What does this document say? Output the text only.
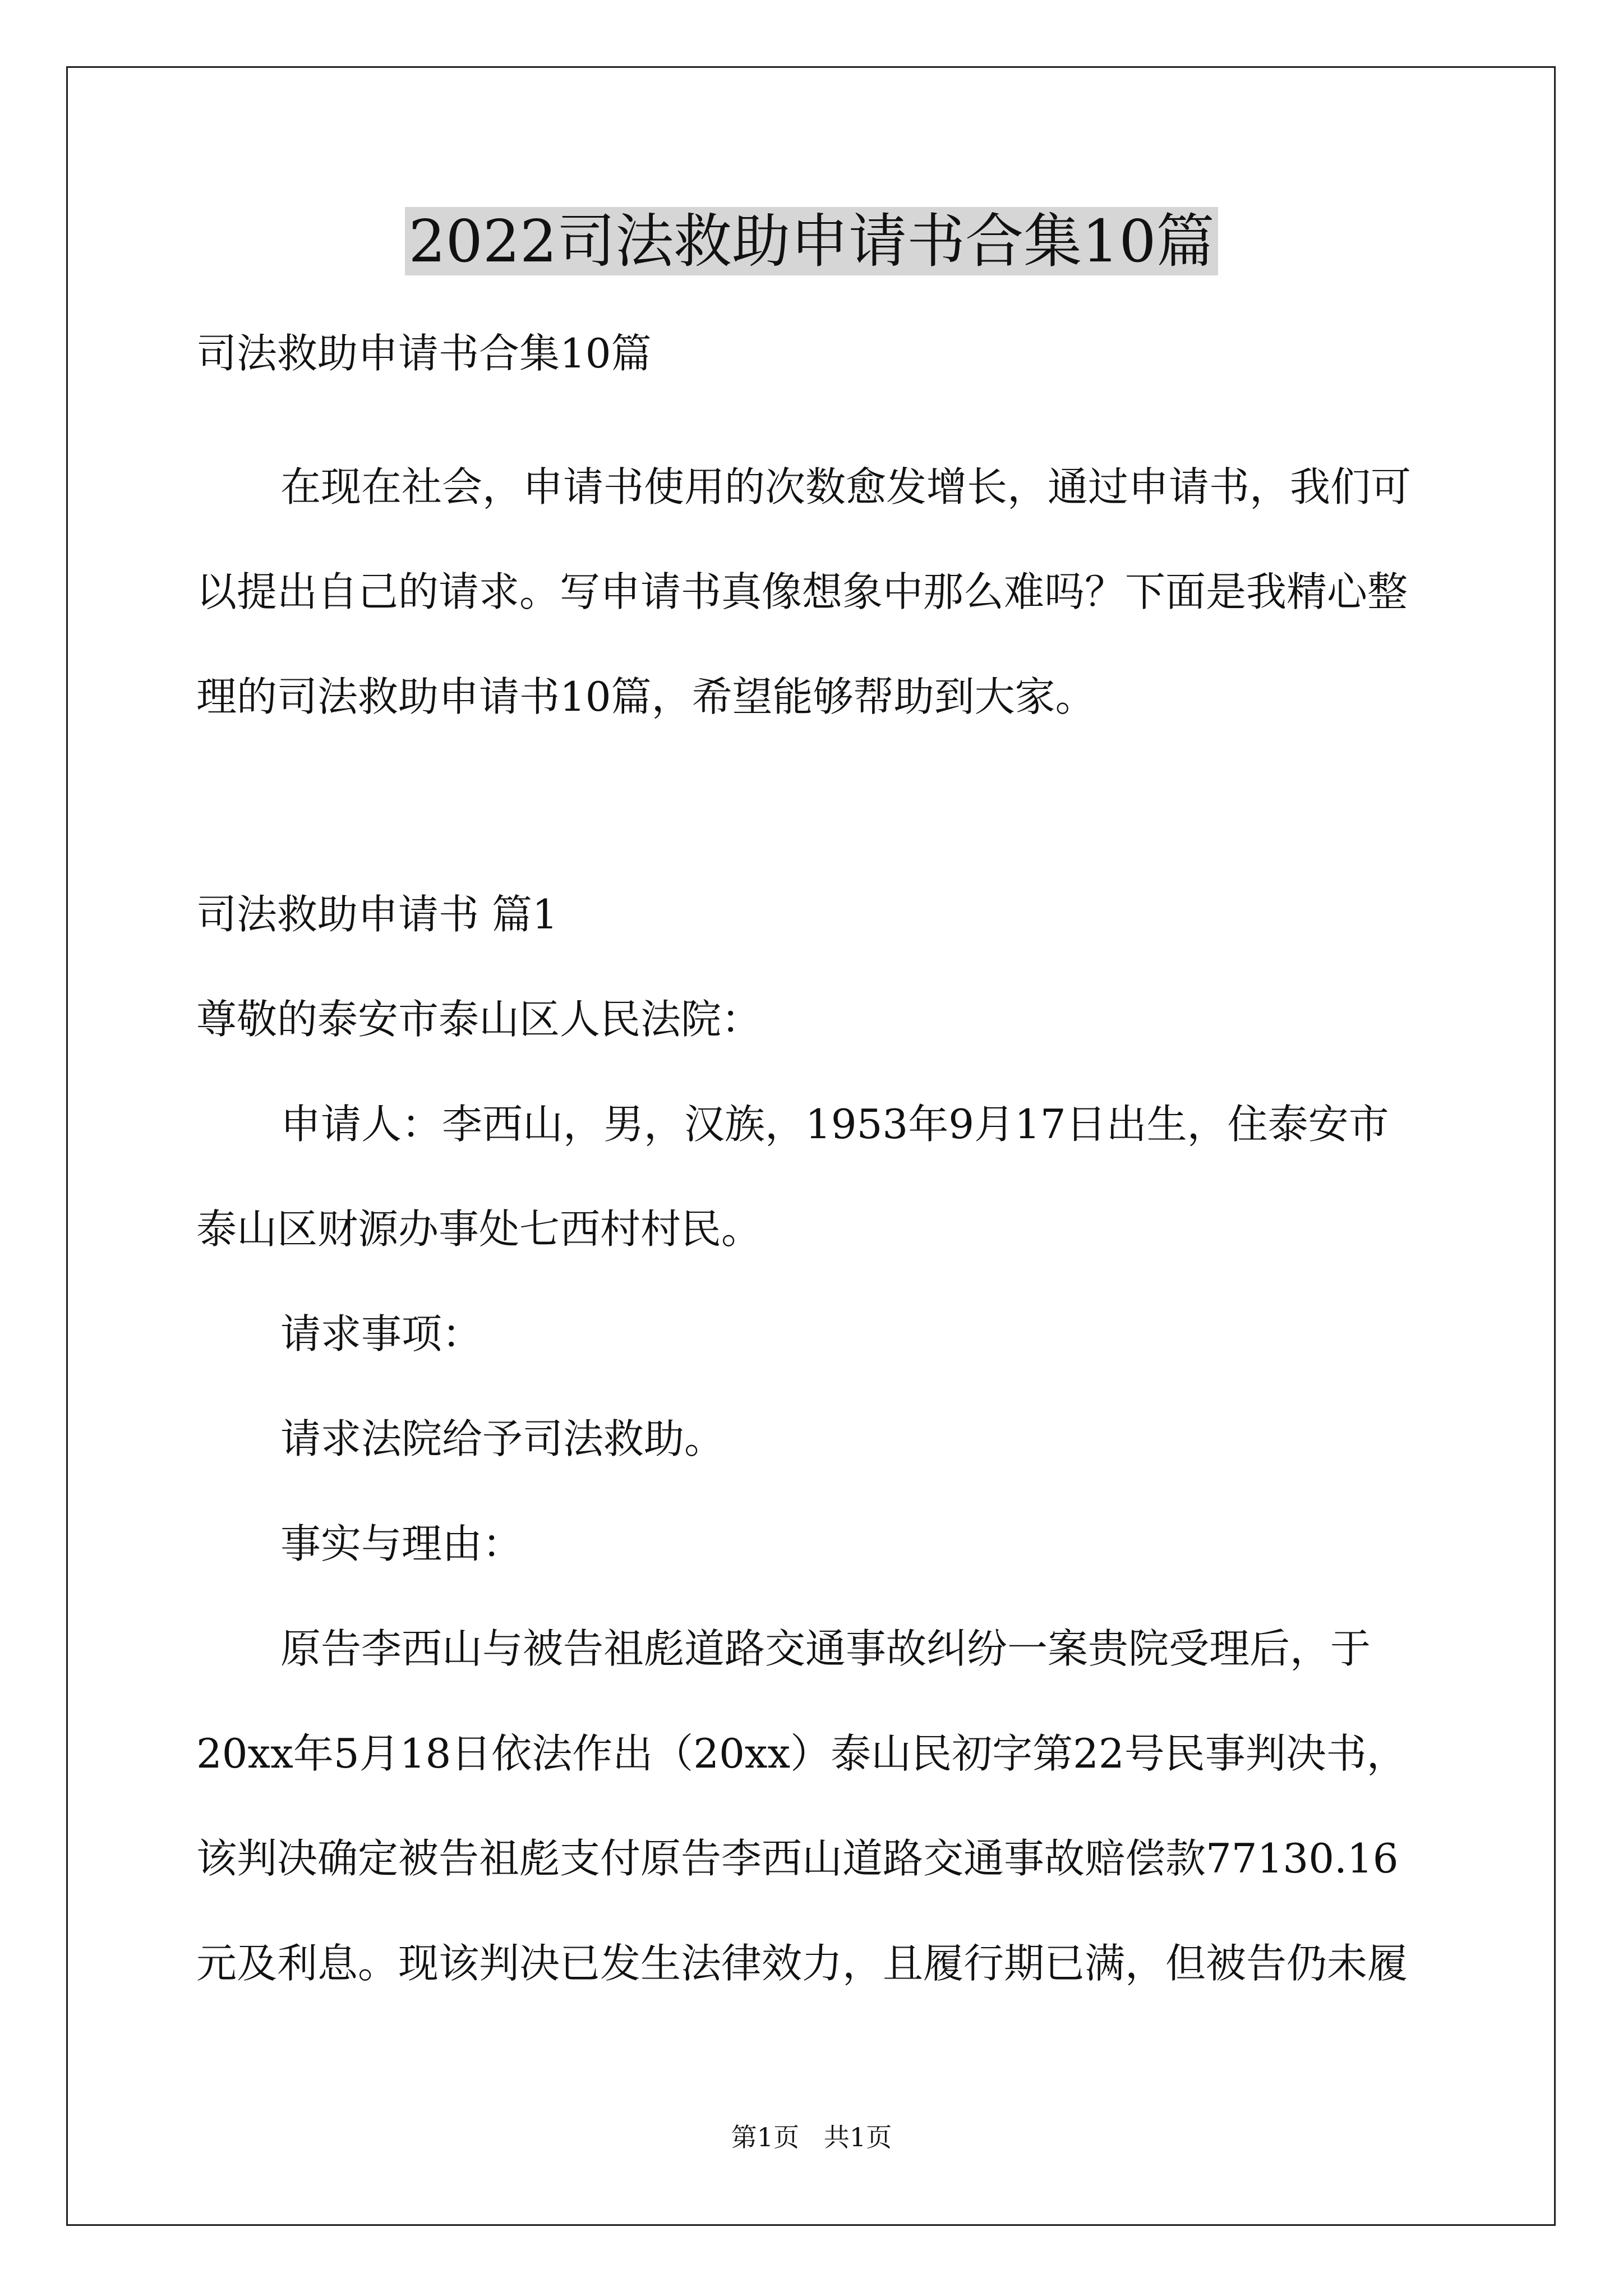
2022司法救助申请书合集10篇

司法救助申请书合集10篇

在现在社会，申请书使用的次数愈发增长，通过申请书，我们可

以提出自己的请求。写申请书真像想象中那么难吗？下面是我精心整

理的司法救助申请书10篇，希望能够帮助到大家。

司法救助申请书 篇1

尊敬的泰安市泰山区人民法院：

申请人：李西山，男，汉族，1953年9月17日出生，住泰安市

泰山区财源办事处七西村村民。

请求事项：

请求法院给予司法救助。

事实与理由：

原告李西山与被告祖彪道路交通事故纠纷一案贵院受理后，于

20xx年5月18日依法作出（20xx）泰山民初字第22号民事判决书，

该判决确定被告祖彪支付原告李西山道路交通事故赔偿款77130.16

元及利息。现该判决已发生法律效力，且履行期已满，但被告仍未履

第1页   共1页
